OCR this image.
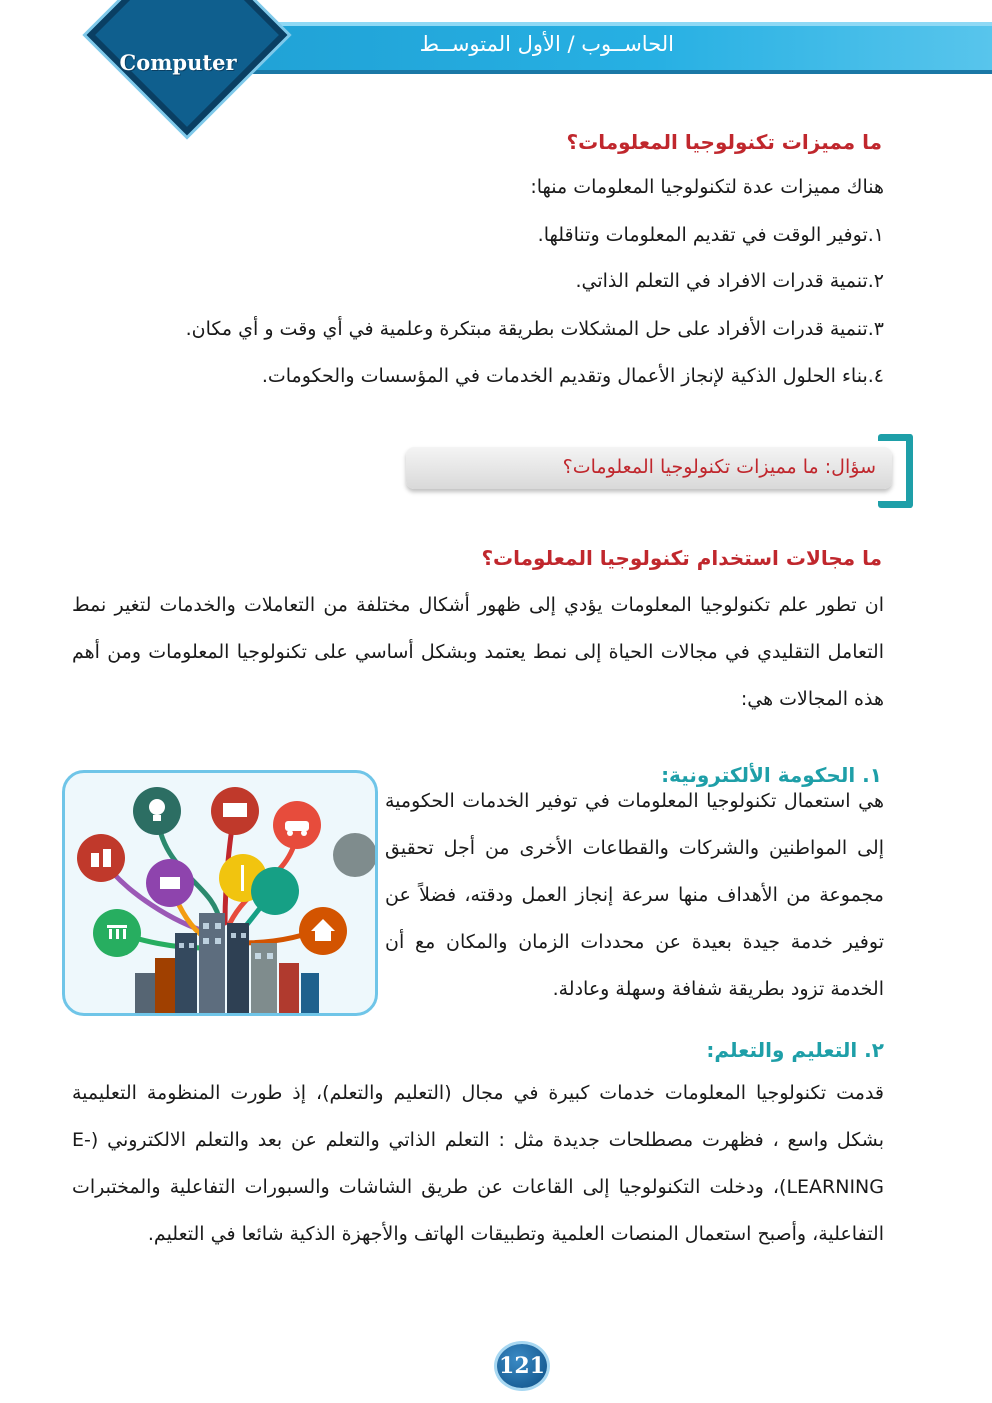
الحاســوب / الأول المتوســط
Computer
ما مميزات تكنولوجيا المعلومات؟
هناك مميزات عدة لتكنولوجيا المعلومات منها:
١.توفير الوقت في تقديم المعلومات وتناقلها.
٢.تنمية قدرات الافراد في التعلم الذاتي.
٣.تنمية قدرات الأفراد على حل المشكلات بطريقة مبتكرة وعلمية في أي وقت و أي مكان.
٤.بناء الحلول الذكية لإنجاز الأعمال وتقديم الخدمات في المؤسسات والحكومات.
سؤال: ما مميزات تكنولوجيا المعلومات؟
ما مجالات استخدام تكنولوجيا المعلومات؟
ان تطور علم تكنولوجيا المعلومات يؤدي إلى ظهور أشكال مختلفة من التعاملات والخدمات لتغير نمط التعامل التقليدي في مجالات الحياة إلى نمط يعتمد وبشكل أساسي على تكنولوجيا المعلومات ومن أهم هذه المجالات هي:
١. الحكومة الألكترونية:
هي استعمال تكنولوجيا المعلومات في توفير الخدمات الحكومية إلى المواطنين والشركات والقطاعات الأخرى من أجل تحقيق مجموعة من الأهداف منها سرعة إنجاز العمل ودقته، فضلاً عن توفير خدمة جيدة بعيدة عن محددات الزمان والمكان مع أن الخدمة تزود بطريقة شفافة وسهلة وعادلة.
٢. التعليم والتعلم:
قدمت تكنولوجيا المعلومات خدمات كبيرة في مجال (التعليم والتعلم)، إذ طورت المنظومة التعليمية بشكل واسع ، فظهرت مصطلحات جديدة مثل : التعلم الذاتي والتعلم عن بعد والتعلم الالكتروني (E-LEARNING)، ودخلت التكنولوجيا إلى القاعات عن طريق الشاشات والسبورات التفاعلية والمختبرات التفاعلية، وأصبح استعمال المنصات العلمية وتطبيقات الهاتف والأجهزة الذكية شائعا في التعليم.
121
